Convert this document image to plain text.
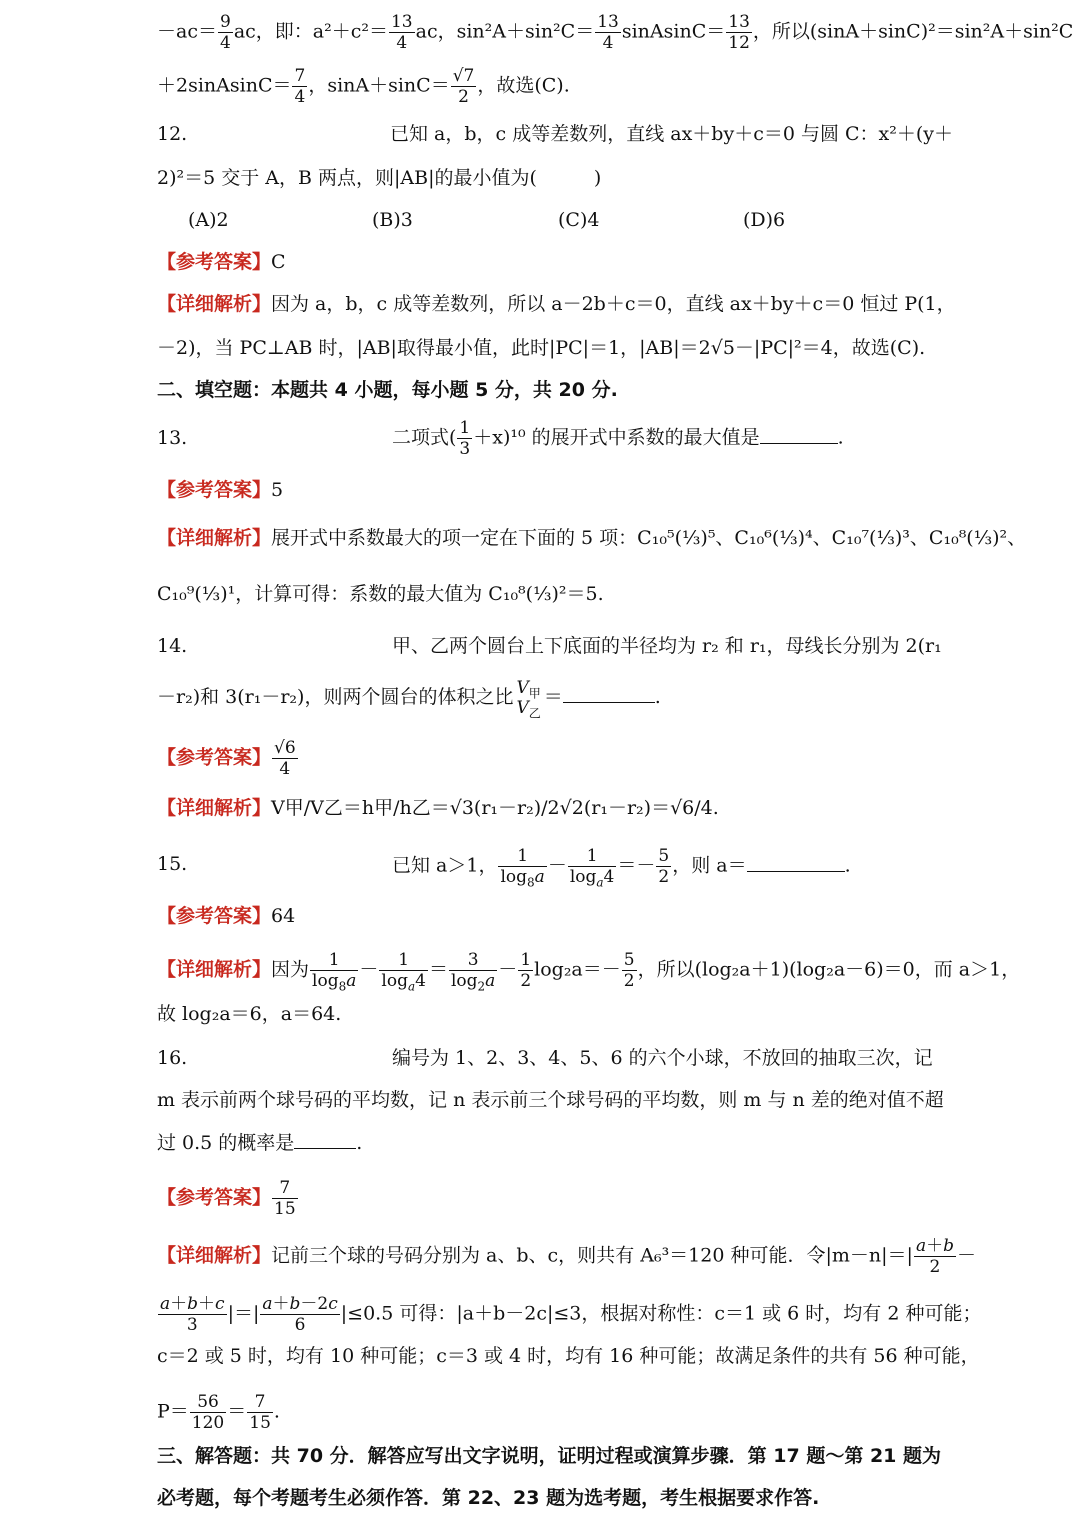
$-ac= \frac{9}{4}$ ac，即：$a^2+c^2= \frac{13}{4}$ ac，$\sin^2A+\sin^2C= \frac{13}{4}$ sinAsinC＝ $\frac{13}{12}$ ，所以(sinA＋sinC)²＝sin²A＋sin²C
＋2sinAsinC＝ $\frac{7}{4}$ ，$\sin A+\sin C= \frac{√7}{2}$ ，故选(C).
12.	已知 a，b，c 成等差数列，直线 ax＋by＋c＝0 与圆 C：x²＋(y＋
2)²＝5 交于 A，B 两点，则|AB|的最小值为(　　　)
(A)2	(B)3	(C)4	(D)6
【参考答案】C
【详细解析】因为 a，b，c 成等差数列，所以 a－2b＋c＝0，直线 ax＋by＋c＝0 恒过 P(1，
－2)，当 PC⊥AB 时，|AB|取得最小值，此时|PC|＝1，|AB|＝2√5－|PC|²＝4，故选(C).
二、填空题：本题共 4 小题，每小题 5 分，共 20 分.
13.	二项式( $\frac{1}{3} +x)^{10}$ 的展开式中系数的最大值是	.
【参考答案】5
【详细解析】展开式中系数最大的项一定在下面的 5 项：C₁₀⁵(⅓)⁵、C₁₀⁶(⅓)⁴、C₁₀⁷(⅓)³、C₁₀⁸(⅓)²、
C₁₀⁹(⅓)¹，计算可得：系数的最大值为 C₁₀⁸(⅓)²＝5.
14.	甲、乙两个圆台上下底面的半径均为 r₂ 和 r₁，母线长分别为 2(r₁
－r₂)和 3(r₁－r₂)，则两个圆台的体积之比 $V_甲$
$V_乙$
＝	.
【参考答案】 $\frac{√6}{4}$
【详细解析】V甲/V乙＝h甲/h乙＝√3(r₁－r₂)/2√2(r₁－r₂)＝√6/4.
15.	已知 a＞1， $\frac{1}{\log_8a} - \frac{1}{\log_a4} =- \frac{5}{2}$ ，则 a＝	.
【参考答案】64
【详细解析】因为 $\frac{1}{\log_8a} - \frac{1}{\log_a4} = \frac{3}{\log_2a} - \frac{1}{2} \log_2a=- \frac{5}{2}$ ，所以(log₂a＋1)(log₂a－6)＝0，而 a＞1，
故 log₂a＝6，a＝64.
16.	编号为 1、2、3、4、5、6 的六个小球，不放回的抽取三次，记
m 表示前两个球号码的平均数，记 n 表示前三个球号码的平均数，则 m 与 n 差的绝对值不超
过 0.5 的概率是	.
【参考答案】 $\frac{7}{15}$
【详细解析】记前三个球的号码分别为 a、b、c，则共有 A₆³＝120 种可能．令$|m-n|=| \frac{a+b}{2}$ －
$\frac{a+b+c}{3}$ |＝| $\frac{a+b-2c}{6} |\le 0.5$ 可得：|a＋b－2c|≤3，根据对称性：c＝1 或 6 时，均有 2 种可能；
c＝2 或 5 时，均有 10 种可能；c＝3 或 4 时，均有 16 种可能；故满足条件的共有 56 种可能，
$P= \frac{56}{120} = \frac{7}{15}$ .
三、解答题：共 70 分．解答应写出文字说明，证明过程或演算步骤．第 17 题～第 21 题为
必考题，每个考题考生必须作答．第 22、23 题为选考题，考生根据要求作答.
